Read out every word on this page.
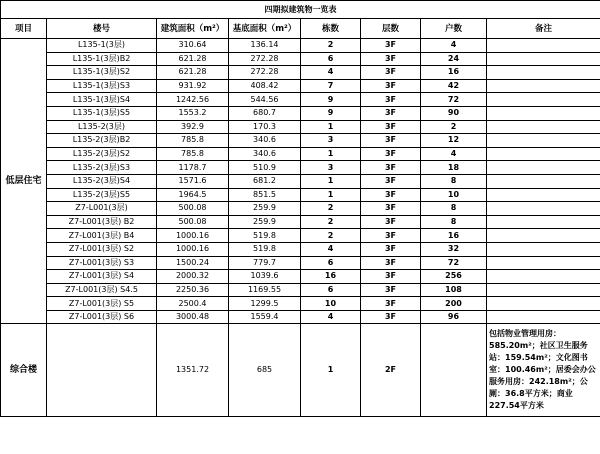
四期拟建筑物一览表							
项目	楼号	建筑面积（m²）	基底面积（m²）	栋数	层数	户数	备注
低层住宅	L135-1(3层)	310.64	136.14	2	3F	4	
	L135-1(3层)B2	621.28	272.28	6	3F	24	
	L135-1(3层)S2	621.28	272.28	4	3F	16	
	L135-1(3层)S3	931.92	408.42	7	3F	42	
	L135-1(3层)S4	1242.56	544.56	9	3F	72	
	L135-1(3层)S5	1553.2	680.7	9	3F	90	
	L135-2(3层)	392.9	170.3	1	3F	2	
	L135-2(3层)B2	785.8	340.6	3	3F	12	
	L135-2(3层)S2	785.8	340.6	1	3F	4	
	L135-2(3层)S3	1178.7	510.9	3	3F	18	
	L135-2(3层)S4	1571.6	681.2	1	3F	8	
	L135-2(3层)S5	1964.5	851.5	1	3F	10	
	Z7-L001(3层)	500.08	259.9	2	3F	8	
	Z7-L001(3层) B2	500.08	259.9	2	3F	8	
	Z7-L001(3层) B4	1000.16	519.8	2	3F	16	
	Z7-L001(3层) S2	1000.16	519.8	4	3F	32	
	Z7-L001(3层) S3	1500.24	779.7	6	3F	72	
	Z7-L001(3层) S4	2000.32	1039.6	16	3F	256	
	Z7-L001(3层) S4.5	2250.36	1169.55	6	3F	108	
	Z7-L001(3层) S5	2500.4	1299.5	10	3F	200	
	Z7-L001(3层) S6	3000.48	1559.4	4	3F	96	
综合楼		1351.72	685	1	2F		包括物业管理用房：585.20m²；社区卫生服务站：159.54m²；文化图书室：100.46m²；居委会办公服务用房：242.18m²；公厕：36.8平方米；商业227.54平方米
